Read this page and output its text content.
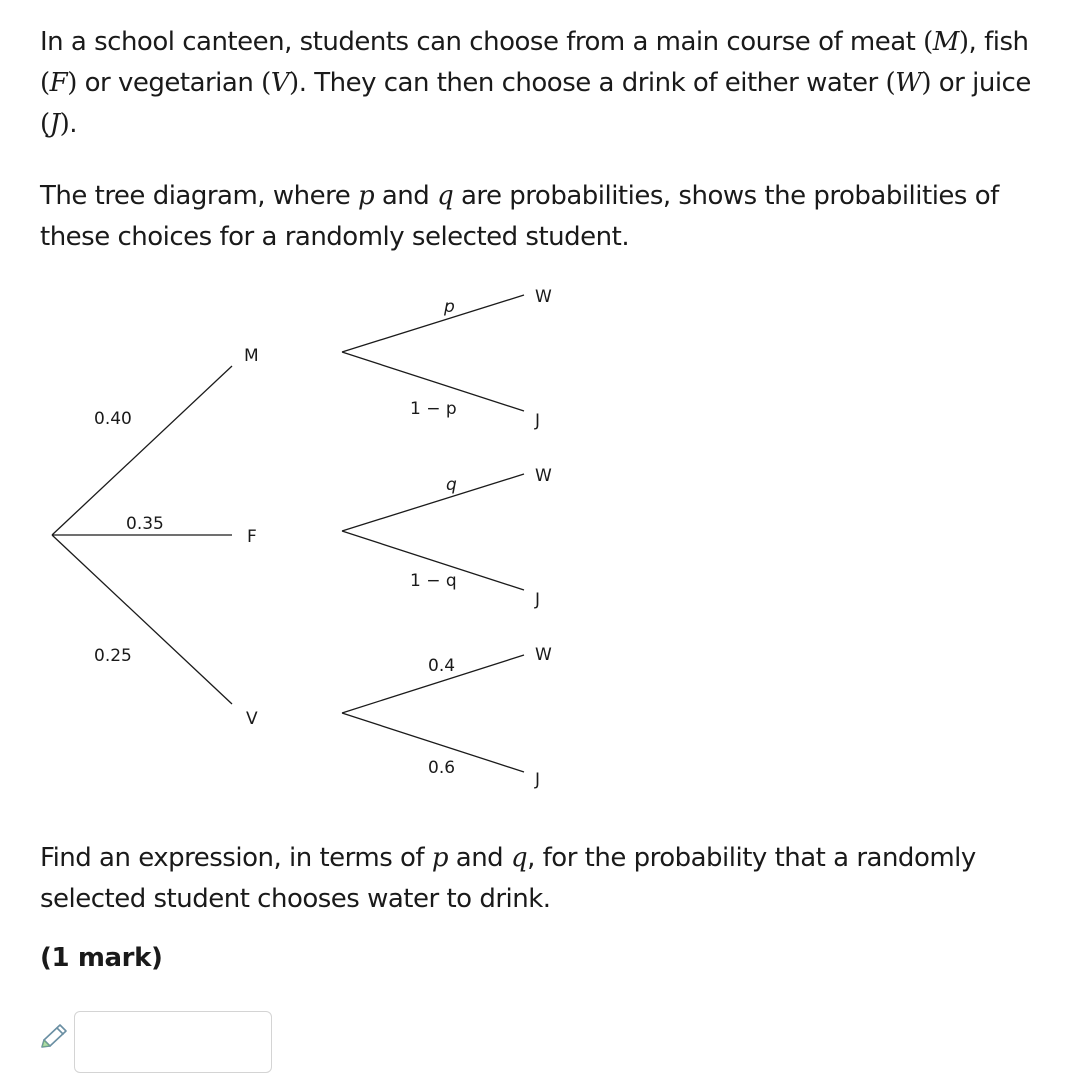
In a school canteen, students can choose from a main course of meat (M), fish (F) or vegetarian (V). They can then choose a drink of either water (W) or juice (J).

The tree diagram, where p and q are probabilities, shows the probabilities of these choices for a randomly selected student.

M
F
V
0.40
0.35
0.25
p
1 − p
q
1 − q
0.4
0.6
W
J
W
J
W
J

Find an expression, in terms of p and q, for the probability that a randomly selected student chooses water to drink.

(1 mark)
